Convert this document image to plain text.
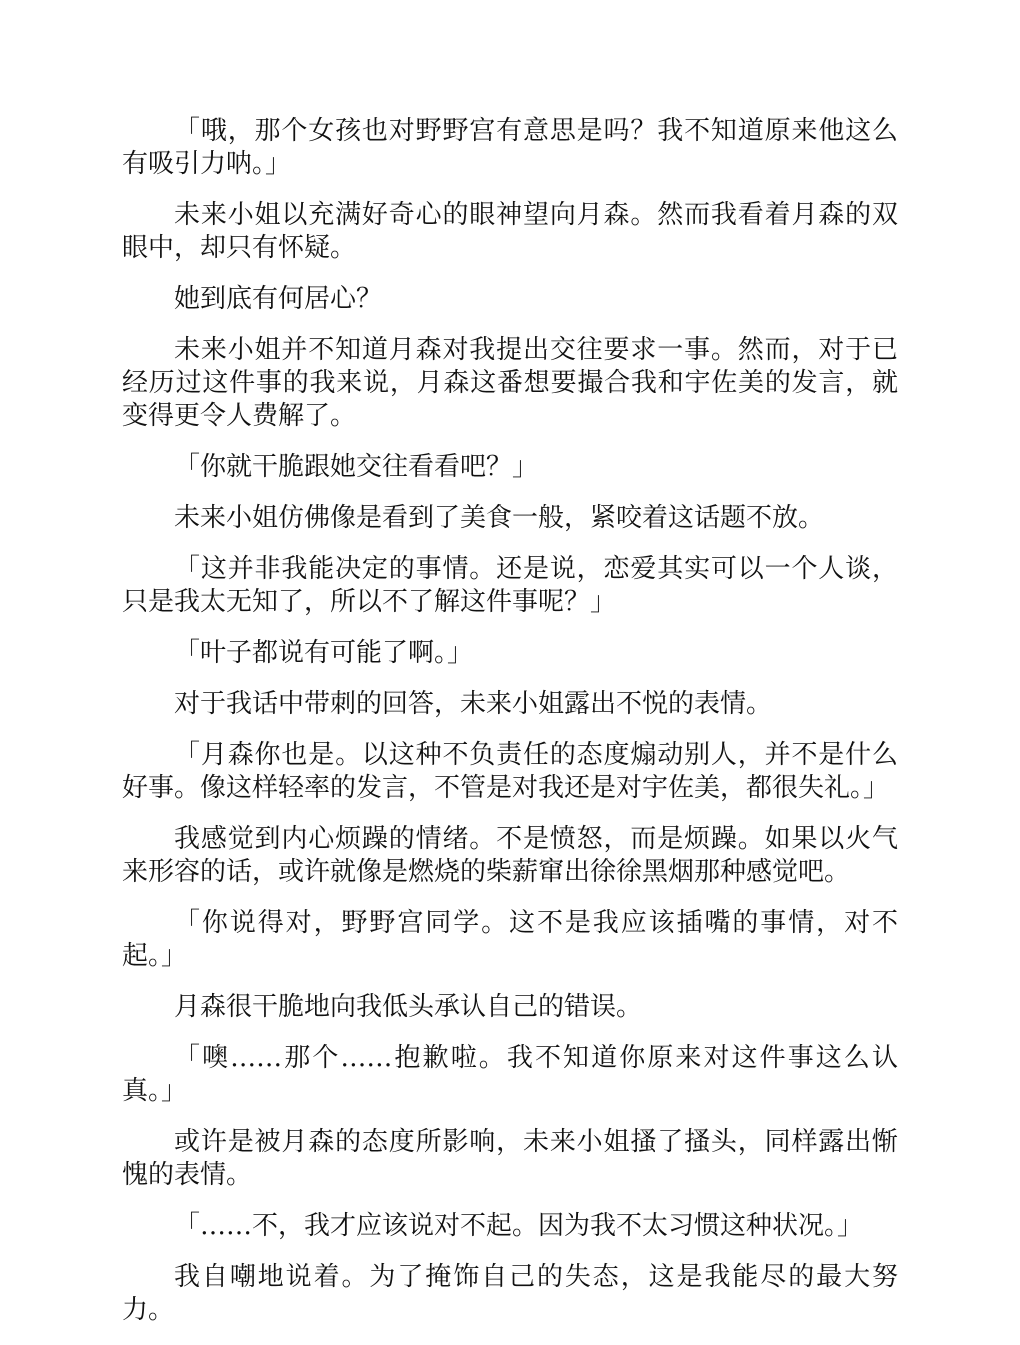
「哦，那个女孩也对野野宫有意思是吗？我不知道原来他这么有吸引力呐。」

未来小姐以充满好奇心的眼神望向月森。然而我看着月森的双眼中，却只有怀疑。

她到底有何居心？

未来小姐并不知道月森对我提出交往要求一事。然而，对于已经历过这件事的我来说，月森这番想要撮合我和宇佐美的发言，就变得更令人费解了。

「你就干脆跟她交往看看吧？」

未来小姐仿佛像是看到了美食一般，紧咬着这话题不放。

「这并非我能决定的事情。还是说，恋爱其实可以一个人谈，只是我太无知了，所以不了解这件事呢？」

「叶子都说有可能了啊。」

对于我话中带刺的回答，未来小姐露出不悦的表情。

「月森你也是。以这种不负责任的态度煽动别人，并不是什么好事。像这样轻率的发言，不管是对我还是对宇佐美，都很失礼。」

我感觉到内心烦躁的情绪。不是愤怒，而是烦躁。如果以火气来形容的话，或许就像是燃烧的柴薪窜出徐徐黑烟那种感觉吧。

「你说得对，野野宫同学。这不是我应该插嘴的事情，对不起。」

月森很干脆地向我低头承认自己的错误。

「噢……那个……抱歉啦。我不知道你原来对这件事这么认真。」

或许是被月森的态度所影响，未来小姐搔了搔头，同样露出惭愧的表情。

「……不，我才应该说对不起。因为我不太习惯这种状况。」

我自嘲地说着。为了掩饰自己的失态，这是我能尽的最大努力。
